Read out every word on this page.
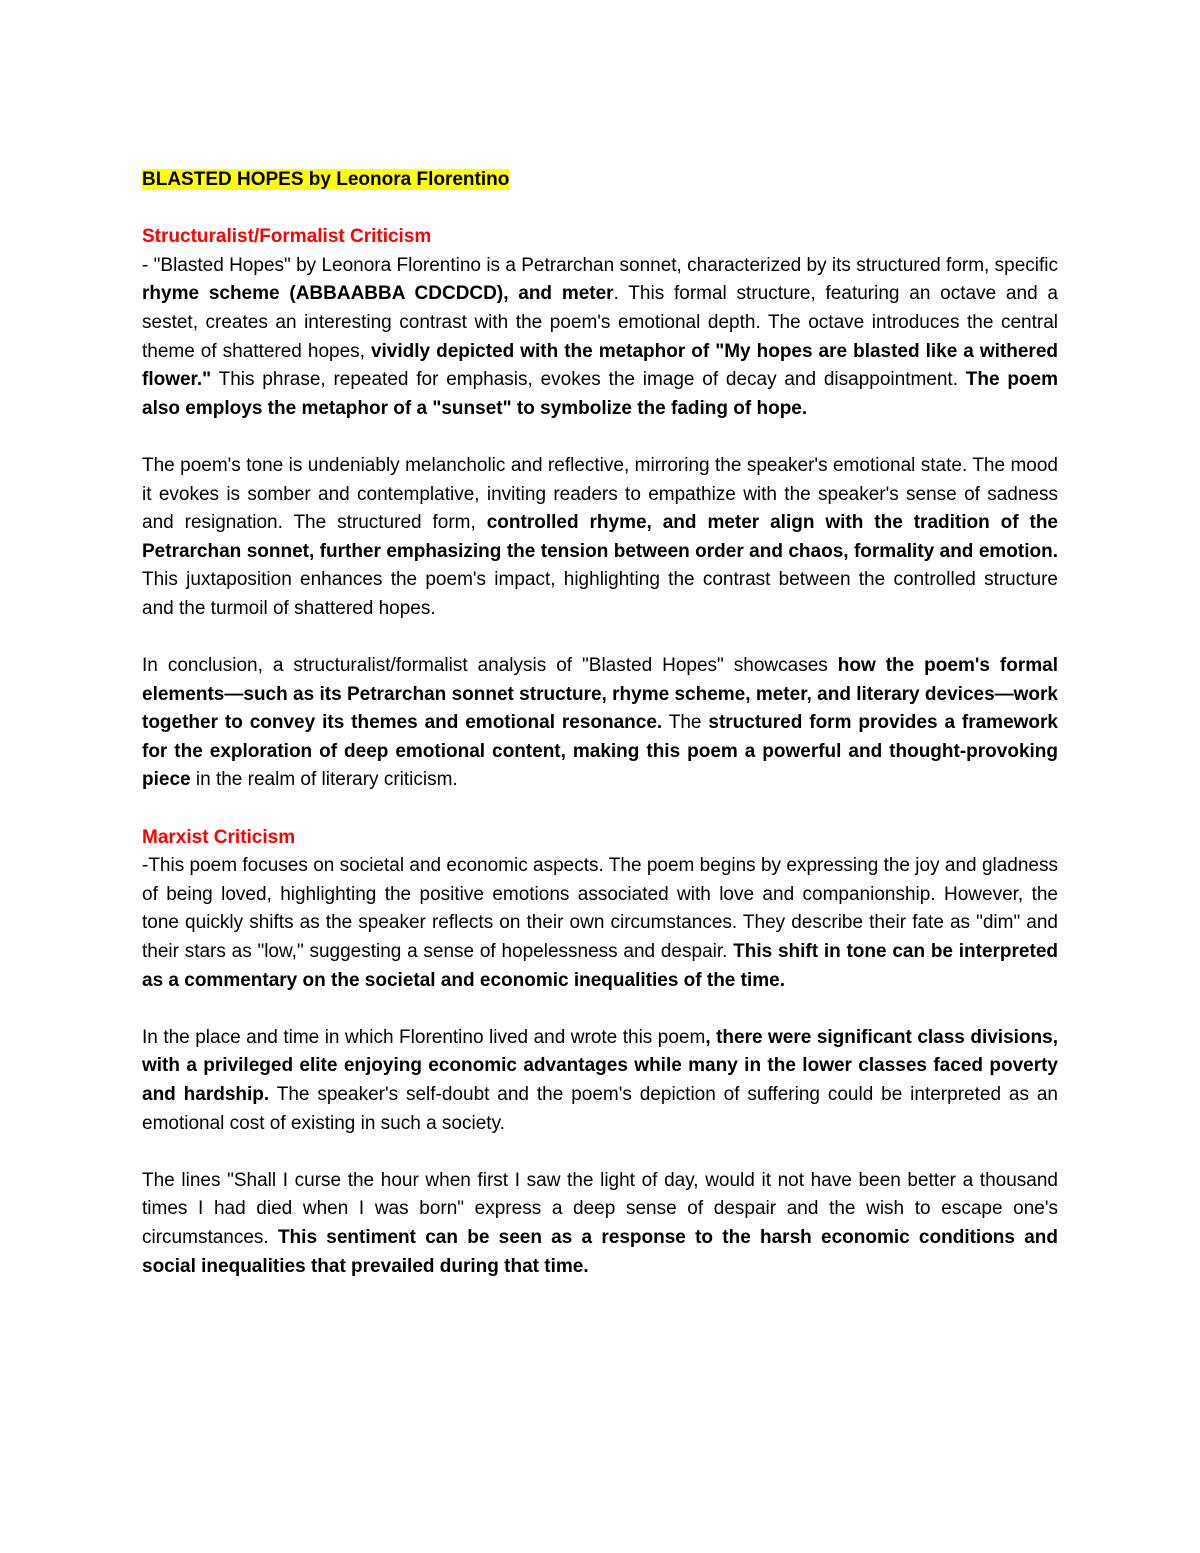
BLASTED HOPES by Leonora Florentino
Structuralist/Formalist Criticism

- "Blasted Hopes" by Leonora Florentino is a Petrarchan sonnet, characterized by its structured form, specific rhyme scheme (ABBAABBA CDCDCD), and meter. This formal structure, featuring an octave and a sestet, creates an interesting contrast with the poem's emotional depth. The octave introduces the central theme of shattered hopes, vividly depicted with the metaphor of "My hopes are blasted like a withered flower." This phrase, repeated for emphasis, evokes the image of decay and disappointment. The poem also employs the metaphor of a "sunset" to symbolize the fading of hope.

The poem's tone is undeniably melancholic and reflective, mirroring the speaker's emotional state. The mood it evokes is somber and contemplative, inviting readers to empathize with the speaker's sense of sadness and resignation. The structured form, controlled rhyme, and meter align with the tradition of the Petrarchan sonnet, further emphasizing the tension between order and chaos, formality and emotion. This juxtaposition enhances the poem's impact, highlighting the contrast between the controlled structure and the turmoil of shattered hopes.

In conclusion, a structuralist/formalist analysis of "Blasted Hopes" showcases how the poem's formal elements—such as its Petrarchan sonnet structure, rhyme scheme, meter, and literary devices—work together to convey its themes and emotional resonance. The structured form provides a framework for the exploration of deep emotional content, making this poem a powerful and thought-provoking piece in the realm of literary criticism.

Marxist Criticism

-This poem focuses on societal and economic aspects. The poem begins by expressing the joy and gladness of being loved, highlighting the positive emotions associated with love and companionship. However, the tone quickly shifts as the speaker reflects on their own circumstances. They describe their fate as "dim" and their stars as "low," suggesting a sense of hopelessness and despair. This shift in tone can be interpreted as a commentary on the societal and economic inequalities of the time.

In the place and time in which Florentino lived and wrote this poem, there were significant class divisions, with a privileged elite enjoying economic advantages while many in the lower classes faced poverty and hardship. The speaker's self-doubt and the poem's depiction of suffering could be interpreted as an emotional cost of existing in such a society.

The lines "Shall I curse the hour when first I saw the light of day, would it not have been better a thousand times I had died when I was born" express a deep sense of despair and the wish to escape one's circumstances. This sentiment can be seen as a response to the harsh economic conditions and social inequalities that prevailed during that time.
